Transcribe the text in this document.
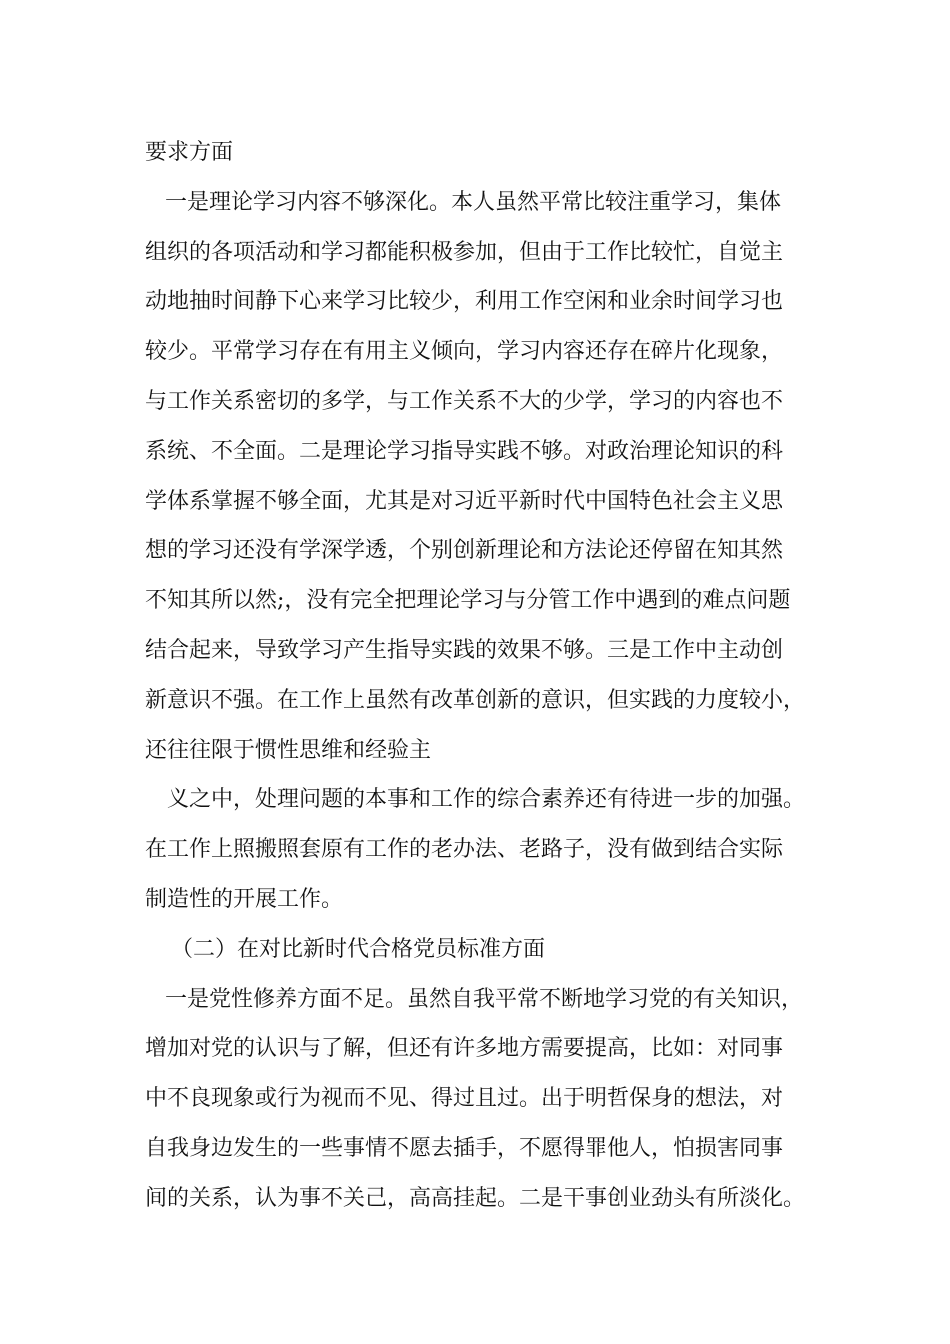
要求方面
一是理论学习内容不够深化。本人虽然平常比较注重学习，集体
组织的各项活动和学习都能积极参加，但由于工作比较忙，自觉主
动地抽时间静下心来学习比较少，利用工作空闲和业余时间学习也
较少。平常学习存在有用主义倾向，学习内容还存在碎片化现象，
与工作关系密切的多学，与工作关系不大的少学，学习的内容也不
系统、不全面。二是理论学习指导实践不够。对政治理论知识的科
学体系掌握不够全面，尤其是对习近平新时代中国特色社会主义思
想的学习还没有学深学透，个别创新理论和方法论还停留在知其然
不知其所以然;，没有完全把理论学习与分管工作中遇到的难点问题
结合起来，导致学习产生指导实践的效果不够。三是工作中主动创
新意识不强。在工作上虽然有改革创新的意识，但实践的力度较小，
还往往限于惯性思维和经验主
义之中，处理问题的本事和工作的综合素养还有待进一步的加强。
在工作上照搬照套原有工作的老办法、老路子，没有做到结合实际
制造性的开展工作。
（二）在对比新时代合格党员标准方面
一是党性修养方面不足。虽然自我平常不断地学习党的有关知识，
增加对党的认识与了解，但还有许多地方需要提高，比如：对同事
中不良现象或行为视而不见、得过且过。出于明哲保身的想法，对
自我身边发生的一些事情不愿去插手，不愿得罪他人，怕损害同事
间的关系，认为事不关己，高高挂起。二是干事创业劲头有所淡化。
